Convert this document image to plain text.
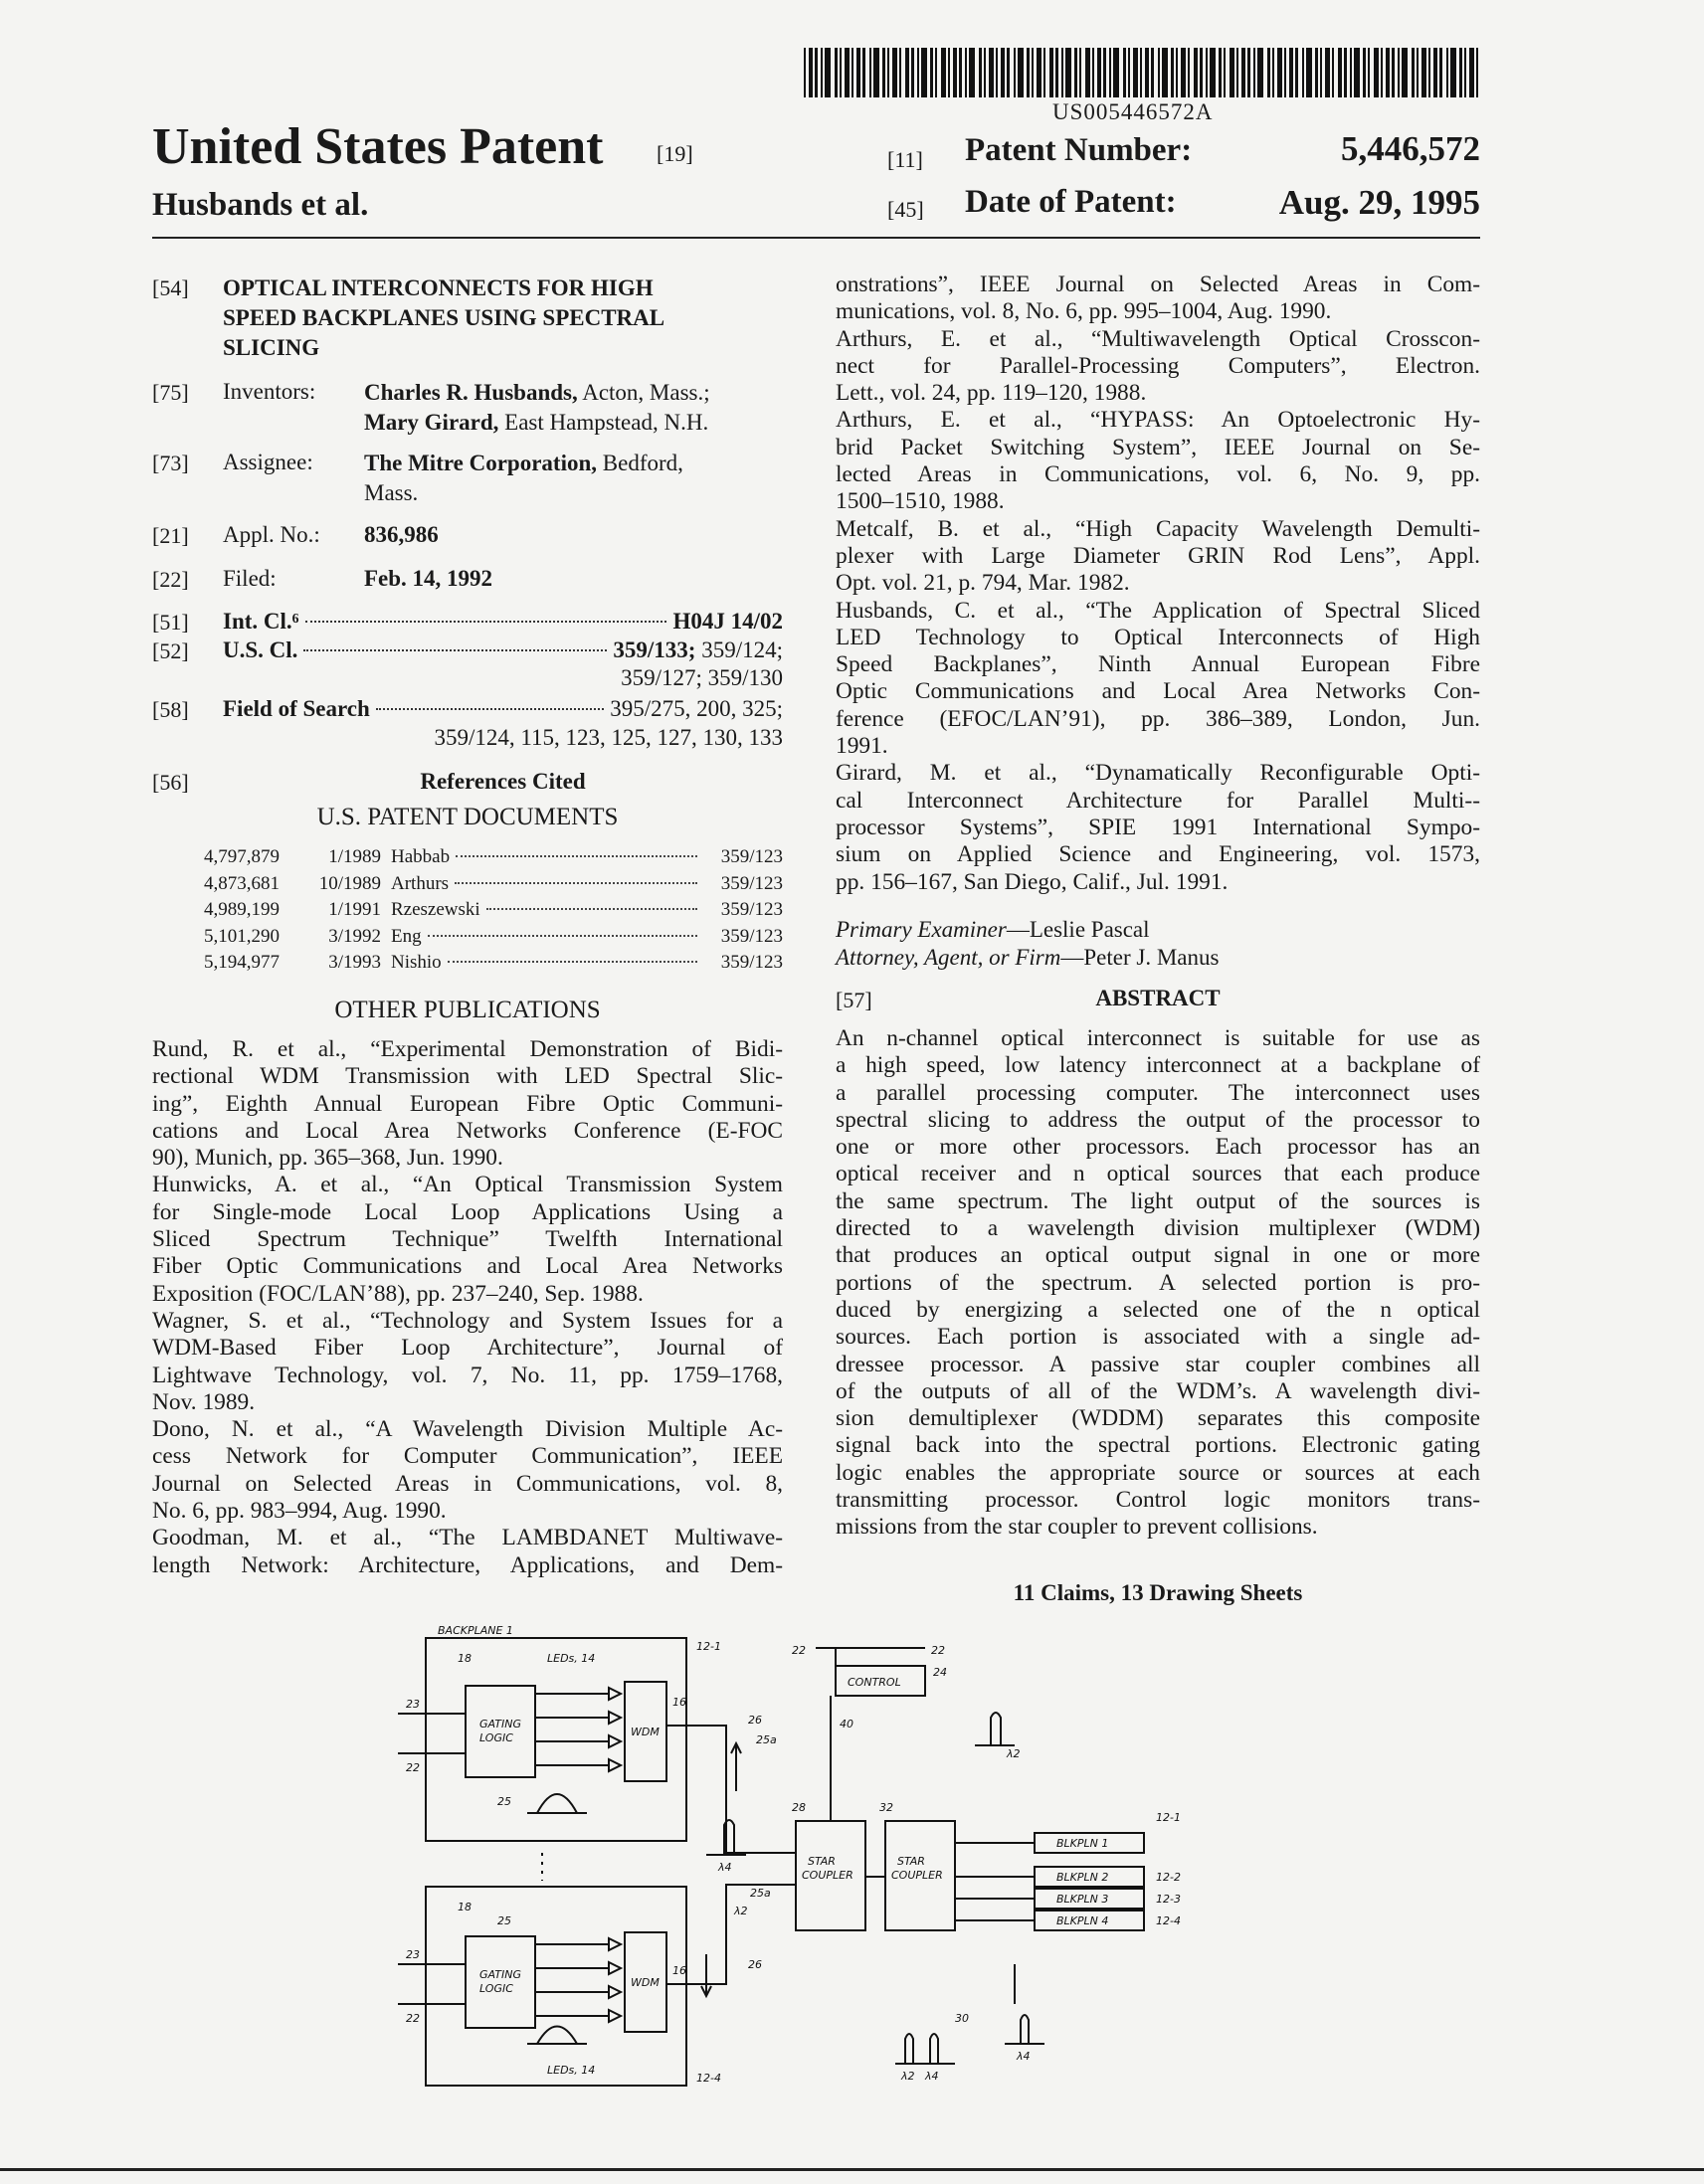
US005446572A
United States Patent [19]
Husbands et al.
[11] Patent Number:	5,446,572
[45] Date of Patent:	Aug. 29, 1995
[54] OPTICAL INTERCONNECTS FOR HIGH
SPEED BACKPLANES USING SPECTRAL
SLICING
[75] Inventors: Charles R. Husbands, Acton, Mass.;
Mary Girard, East Hampstead, N.H.
[73] Assignee: The Mitre Corporation, Bedford,
Mass.
[21] Appl. No.: 836,986
[22] Filed:	Feb. 14, 1992
[51] Int. Cl.⁶	H04J 14/02
[52] U.S. Cl.	359/133; 359/124;
359/127; 359/130
[58] Field of Search	395/275, 200, 325;
359/124, 115, 123, 125, 127, 130, 133
[56]	References Cited
U.S. PATENT DOCUMENTS
4,797,879	1/1989 Habbab	359/123
4,873,681	10/1989 Arthurs	359/123
4,989,199	1/1991 Rzeszewski	359/123
5,101,290	3/1992 Eng	359/123
5,194,977	3/1993 Nishio	359/123
OTHER PUBLICATIONS
Rund, R. et al., “Experimental Demonstration of Bidi-
rectional WDM Transmission with LED Spectral Slic-
ing”, Eighth Annual European Fibre Optic Communi-
cations and Local Area Networks Conference (E-FOC
90), Munich, pp. 365–368, Jun. 1990.
Hunwicks, A. et al., “An Optical Transmission System
for Single-mode Local Loop Applications Using a
Sliced Spectrum Technique” Twelfth International
Fiber Optic Communications and Local Area Networks
Exposition (FOC/LAN’88), pp. 237–240, Sep. 1988.
Wagner, S. et al., “Technology and System Issues for a
WDM-Based Fiber Loop Architecture”, Journal of
Lightwave Technology, vol. 7, No. 11, pp. 1759–1768,
Nov. 1989.
Dono, N. et al., “A Wavelength Division Multiple Ac-
cess Network for Computer Communication”, IEEE
Journal on Selected Areas in Communications, vol. 8,
No. 6, pp. 983–994, Aug. 1990.
Goodman, M. et al., “The LAMBDANET Multiwave-
length Network: Architecture, Applications, and Dem-
onstrations”, IEEE Journal on Selected Areas in Com-
munications, vol. 8, No. 6, pp. 995–1004, Aug. 1990.
Arthurs, E. et al., “Multiwavelength Optical Crosscon-
nect for Parallel-Processing Computers”, Electron.
Lett., vol. 24, pp. 119–120, 1988.
Arthurs, E. et al., “HYPASS: An Optoelectronic Hy-
brid Packet Switching System”, IEEE Journal on Se-
lected Areas in Communications, vol. 6, No. 9, pp.
1500–1510, 1988.
Metcalf, B. et al., “High Capacity Wavelength Demulti-
plexer with Large Diameter GRIN Rod Lens”, Appl.
Opt. vol. 21, p. 794, Mar. 1982.
Husbands, C. et al., “The Application of Spectral Sliced
LED Technology to Optical Interconnects of High
Speed Backplanes”, Ninth Annual European Fibre
Optic Communications and Local Area Networks Con-
ference (EFOC/LAN’91), pp. 386–389, London, Jun.
1991.
Girard, M. et al., “Dynamatically Reconfigurable Opti-
cal Interconnect Architecture for Parallel Multi--
processor Systems”, SPIE 1991 International Sympo-
sium on Applied Science and Engineering, vol. 1573,
pp. 156–167, San Diego, Calif., Jul. 1991.
Primary Examiner—Leslie Pascal
Attorney, Agent, or Firm—Peter J. Manus
[57]	ABSTRACT
An n-channel optical interconnect is suitable for use as
a high speed, low latency interconnect at a backplane of
a parallel processing computer. The interconnect uses
spectral slicing to address the output of the processor to
one or more other processors. Each processor has an
optical receiver and n optical sources that each produce
the same spectrum. The light output of the sources is
directed to a wavelength division multiplexer (WDM)
that produces an optical output signal in one or more
portions of the spectrum. A selected portion is pro-
duced by energizing a selected one of the n optical
sources. Each portion is associated with a single ad-
dressee processor. A passive star coupler combines all
of the outputs of all of the WDM’s. A wavelength divi-
sion demultiplexer (WDDM) separates this composite
signal back into the spectral portions. Electronic gating
logic enables the appropriate source or sources at each
transmitting processor. Control logic monitors trans-
missions from the star coupler to prevent collisions.
11 Claims, 13 Drawing Sheets
BACKPLANE 1
12-1
12-4
LEDs, 14
LEDs, 14
GATING
LOGIC
GATING
LOGIC
WDM
WDM
CONTROL
STAR
COUPLER
STAR
COUPLER
BLKPLN 1
BLKPLN 2
BLKPLN 3
BLKPLN 4
12-1
12-2
12-3
12-4
18
18
23
23
22
22
16
16
25
25
26
26
25a
25a
28	32
40
24
22	22
30
λ2
λ4
λ2
λ2 λ4
λ4
